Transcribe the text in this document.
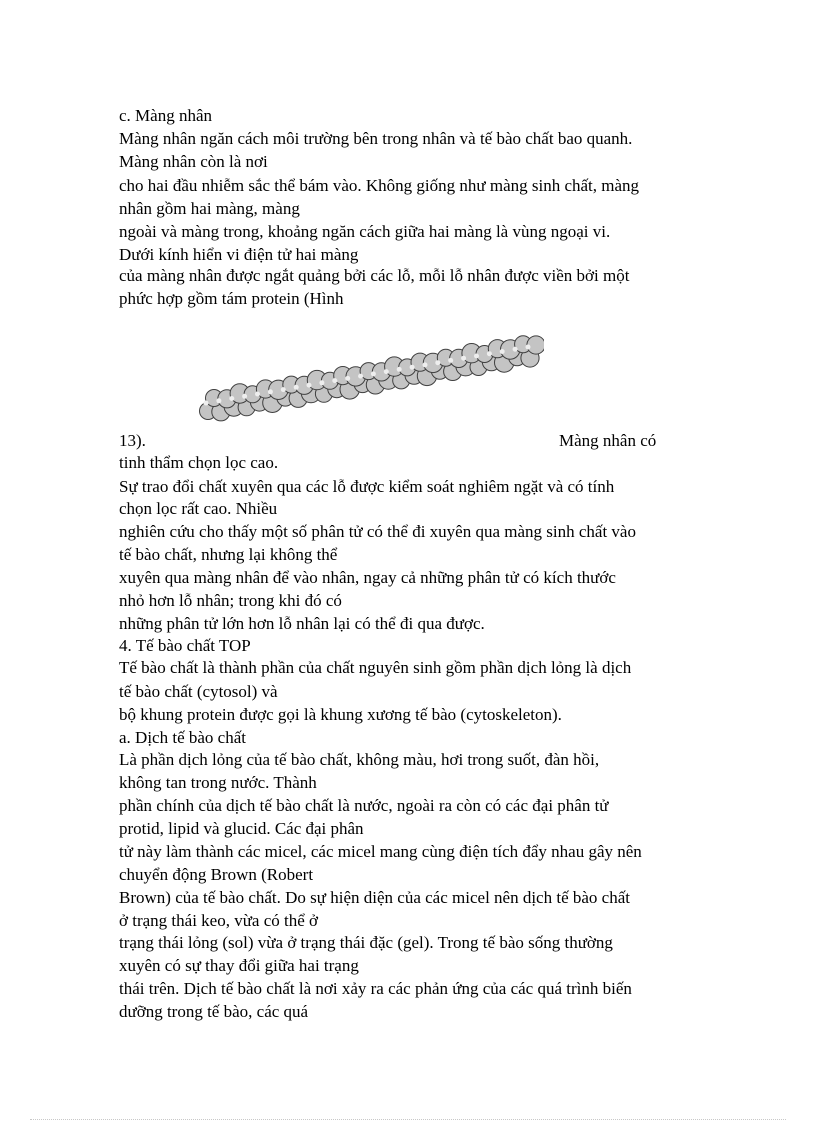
c. Màng nhân
Màng nhân ngăn cách môi trường bên trong nhân và tế bào chất bao quanh.
Màng nhân còn là nơi
cho hai đầu nhiễm sắc thể bám vào. Không giống như màng sinh chất, màng
nhân gồm hai màng, màng
ngoài và màng trong, khoảng ngăn cách giữa hai màng là vùng ngoại vi.
Dưới kính hiển vi điện tử hai màng
của màng nhân được ngắt quảng bởi các lỗ, mỗi lỗ nhân được viền bởi một
phức hợp gồm tám protein (Hình
13).	Màng nhân có
tinh thẩm chọn lọc cao.
Sự trao đổi chất xuyên qua các lỗ được kiểm soát nghiêm ngặt và có tính
chọn lọc rất cao. Nhiều
nghiên cứu cho thấy một số phân tử có thể đi xuyên qua màng sinh chất vào
tế bào chất, nhưng lại không thể
xuyên qua màng nhân để vào nhân, ngay cả những phân tử có kích thước
nhỏ hơn lỗ nhân; trong khi đó có
những phân tử lớn hơn lỗ nhân lại có thể đi qua được.
4. Tế bào chất TOP
Tế bào chất là thành phần của chất nguyên sinh gồm phần dịch lỏng là dịch
tế bào chất (cytosol) và
bộ khung protein được gọi là khung xương tế bào (cytoskeleton).
a. Dịch tế bào chất
Là phần dịch lỏng của tế bào chất, không màu, hơi trong suốt, đàn hồi,
không tan trong nước. Thành
phần chính của dịch tế bào chất là nước, ngoài ra còn có các đại phân tử
protid, lipid và glucid. Các đại phân
tử này làm thành các micel, các micel mang cùng điện tích đẩy nhau gây nên
chuyển động Brown (Robert
Brown) của tế bào chất. Do sự hiện diện của các micel nên dịch tế bào chất
ở trạng thái keo, vừa có thể ở
trạng thái lỏng (sol) vừa ở trạng thái đặc (gel). Trong tế bào sống thường
xuyên có sự thay đổi giữa hai trạng
thái trên. Dịch tế bào chất là nơi xảy ra các phản ứng của các quá trình biến
dưỡng trong tế bào, các quá
